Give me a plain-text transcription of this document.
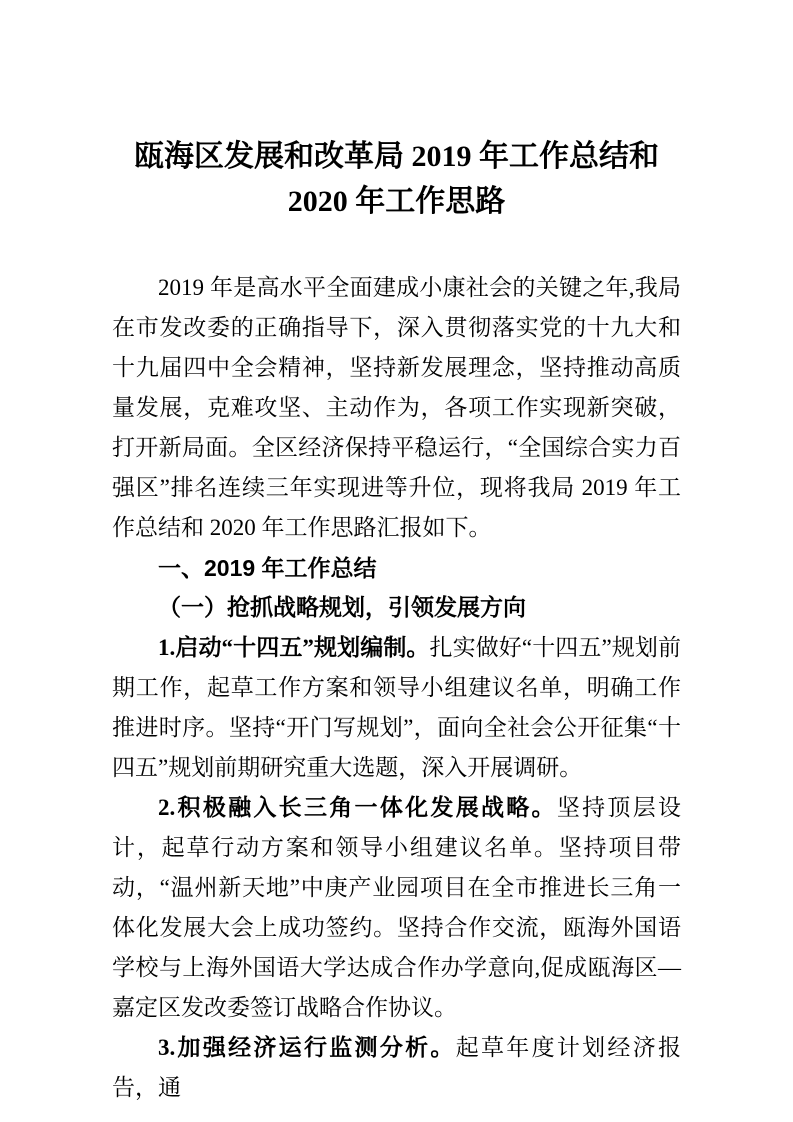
瓯海区发展和改革局 2019 年工作总结和
2020 年工作思路

2019 年是高水平全面建成小康社会的关键之年,我局在市发改委的正确指导下，深入贯彻落实党的十九大和十九届四中全会精神，坚持新发展理念，坚持推动高质量发展，克难攻坚、主动作为，各项工作实现新突破，打开新局面。全区经济保持平稳运行，“全国综合实力百强区”排名连续三年实现进等升位，现将我局 2019 年工作总结和 2020 年工作思路汇报如下。

一、2019 年工作总结

（一）抢抓战略规划，引领发展方向

1.启动“十四五”规划编制。扎实做好“十四五”规划前期工作，起草工作方案和领导小组建议名单，明确工作推进时序。坚持“开门写规划”，面向全社会公开征集“十四五”规划前期研究重大选题，深入开展调研。

2.积极融入长三角一体化发展战略。坚持顶层设计，起草行动方案和领导小组建议名单。坚持项目带动，“温州新天地”中庚产业园项目在全市推进长三角一体化发展大会上成功签约。坚持合作交流，瓯海外国语学校与上海外国语大学达成合作办学意向,促成瓯海区—嘉定区发改委签订战略合作协议。

3.加强经济运行监测分析。起草年度计划经济报告，通
